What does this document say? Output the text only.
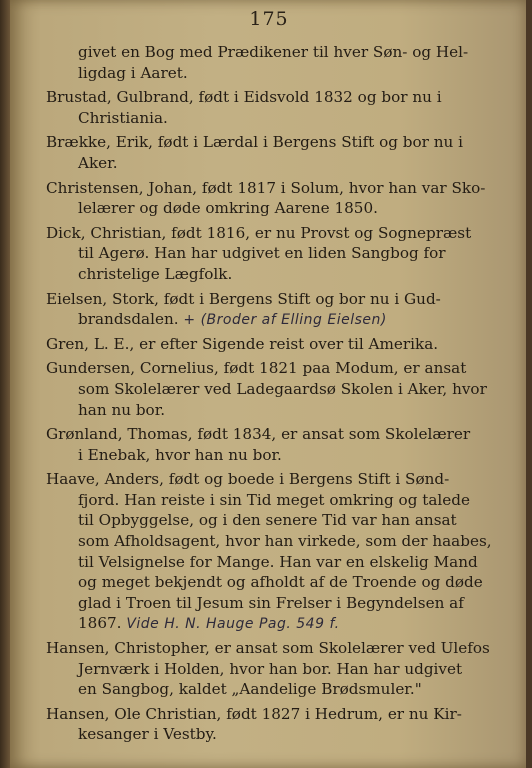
175
givet en Bog med Prædikener til hver Søn- og Hel-
ligdag i Aaret.
Brustad, Gulbrand, født i Eidsvold 1832 og bor nu i
Christiania.
Brække, Erik, født i Lærdal i Bergens Stift og bor nu i
Aker.
Christensen, Johan, født 1817 i Solum, hvor han var Sko-
lelærer og døde omkring Aarene 1850.
Dick, Christian, født 1816, er nu Provst og Sognepræst
til Agerø. Han har udgivet en liden Sangbog for
christelige Lægfolk.
Eielsen, Stork, født i Bergens Stift og bor nu i Gud-
brandsdalen. + (Broder af Elling Eielsen)
Gren, L. E., er efter Sigende reist over til Amerika.
Gundersen, Cornelius, født 1821 paa Modum, er ansat
som Skolelærer ved Ladegaardsø Skolen i Aker, hvor
han nu bor.
Grønland, Thomas, født 1834, er ansat som Skolelærer
i Enebak, hvor han nu bor.
Haave, Anders, født og boede i Bergens Stift i Sønd-
fjord. Han reiste i sin Tid meget omkring og talede
til Opbyggelse, og i den senere Tid var han ansat
som Afholdsagent, hvor han virkede, som der haabes,
til Velsignelse for Mange. Han var en elskelig Mand
og meget bekjendt og afholdt af de Troende og døde
glad i Troen til Jesum sin Frelser i Begyndelsen af
1867. Vide H. N. Hauge Pag. 549 f.
Hansen, Christopher, er ansat som Skolelærer ved Ulefos
Jernværk i Holden, hvor han bor. Han har udgivet
en Sangbog, kaldet „Aandelige Brødsmuler."
Hansen, Ole Christian, født 1827 i Hedrum, er nu Kir-
kesanger i Vestby.
